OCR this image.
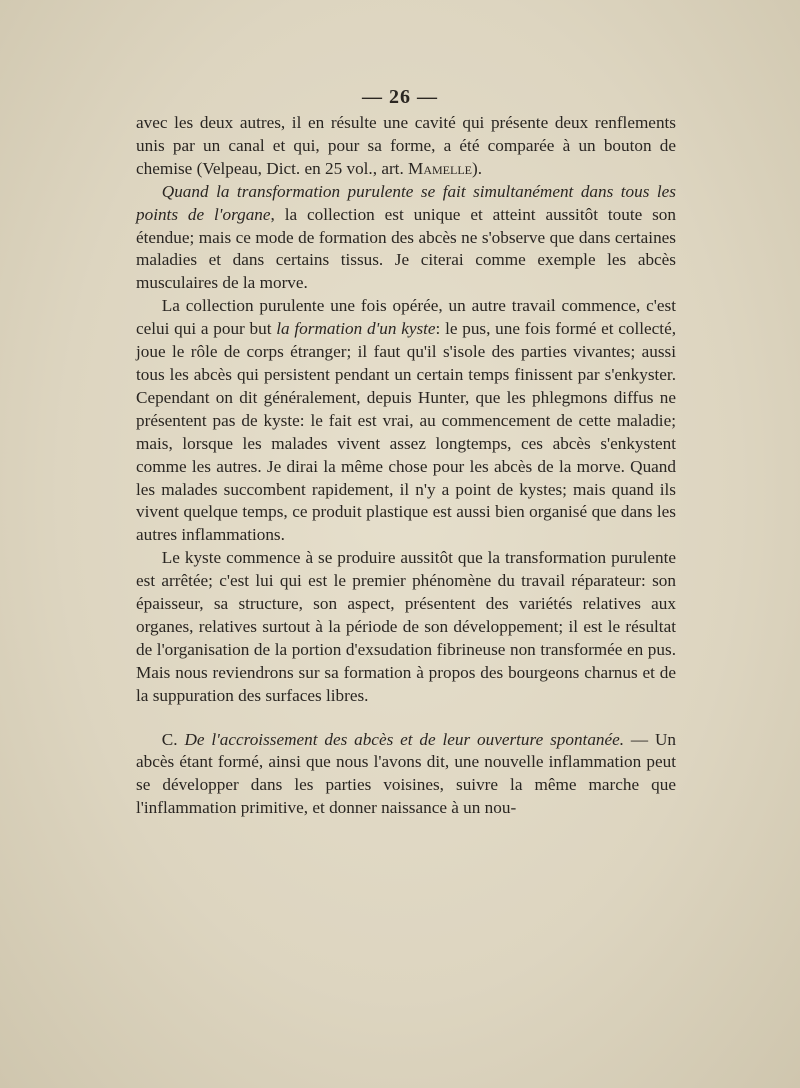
— 26 —

avec les deux autres, il en résulte une cavité qui présente deux renflements unis par un canal et qui, pour sa forme, a été comparée à un bouton de chemise (Velpeau, Dict. en 25 vol., art. Mamelle).

Quand la transformation purulente se fait simultanément dans tous les points de l'organe, la collection est unique et atteint aussitôt toute son étendue; mais ce mode de formation des abcès ne s'observe que dans certaines maladies et dans certains tissus. Je citerai comme exemple les abcès musculaires de la morve.

La collection purulente une fois opérée, un autre travail commence, c'est celui qui a pour but la formation d'un kyste: le pus, une fois formé et collecté, joue le rôle de corps étranger; il faut qu'il s'isole des parties vivantes; aussi tous les abcès qui persistent pendant un certain temps finissent par s'enkyster. Cependant on dit généralement, depuis Hunter, que les phlegmons diffus ne présentent pas de kyste: le fait est vrai, au commencement de cette maladie; mais, lorsque les malades vivent assez longtemps, ces abcès s'enkystent comme les autres. Je dirai la même chose pour les abcès de la morve. Quand les malades succombent rapidement, il n'y a point de kystes; mais quand ils vivent quelque temps, ce produit plastique est aussi bien organisé que dans les autres inflammations.

Le kyste commence à se produire aussitôt que la transformation purulente est arrêtée; c'est lui qui est le premier phénomène du travail réparateur: son épaisseur, sa structure, son aspect, présentent des variétés relatives aux organes, relatives surtout à la période de son développement; il est le résultat de l'organisation de la portion d'exsudation fibrineuse non transformée en pus. Mais nous reviendrons sur sa formation à propos des bourgeons charnus et de la suppuration des surfaces libres.

C. De l'accroissement des abcès et de leur ouverture spontanée. — Un abcès étant formé, ainsi que nous l'avons dit, une nouvelle inflammation peut se développer dans les parties voisines, suivre la même marche que l'inflammation primitive, et donner naissance à un nou-
